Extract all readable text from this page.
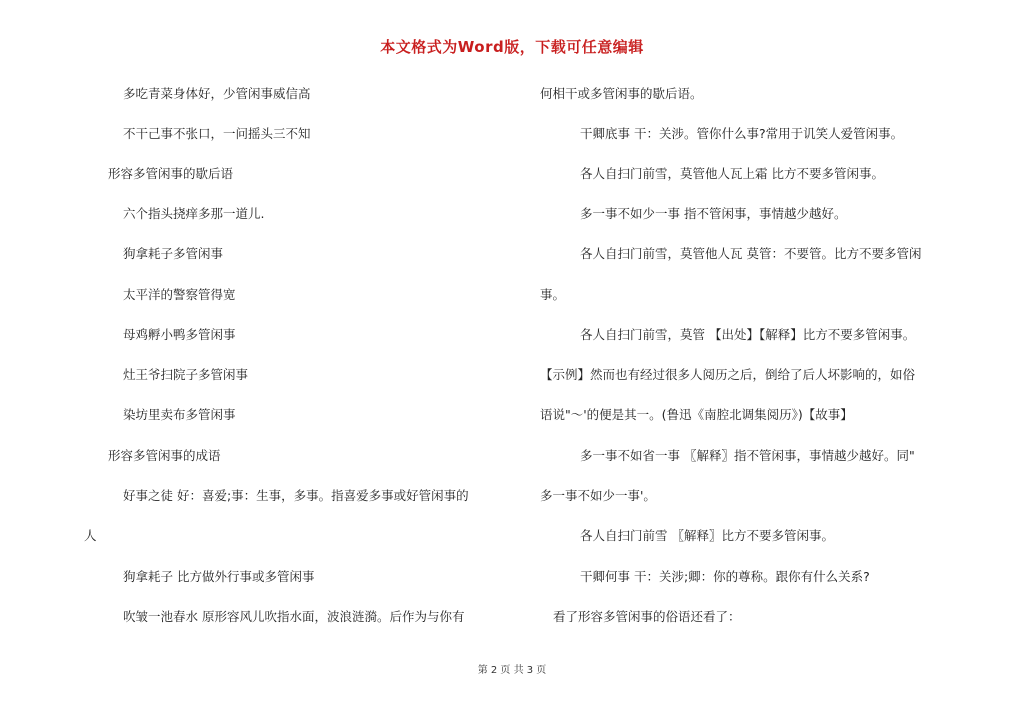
本文格式为Word版，下载可任意编辑
多吃青菜身体好，少管闲事威信高
不干己事不张口，一问摇头三不知
形容多管闲事的歇后语
六个指头挠痒多那一道儿.
狗拿耗子多管闲事
太平洋的警察管得宽
母鸡孵小鸭多管闲事
灶王爷扫院子多管闲事
染坊里卖布多管闲事
形容多管闲事的成语
好事之徒 好：喜爱;事：生事，多事。指喜爱多事或好管闲事的
人
狗拿耗子 比方做外行事或多管闲事
吹皱一池春水 原形容风儿吹指水面，波浪涟漪。后作为与你有
何相干或多管闲事的歇后语。
干卿底事 干：关涉。管你什么事?常用于讥笑人爱管闲事。
各人自扫门前雪，莫管他人瓦上霜 比方不要多管闲事。
多一事不如少一事 指不管闲事，事情越少越好。
各人自扫门前雪，莫管他人瓦 莫管：不要管。比方不要多管闲
事。
各人自扫门前雪，莫管 【出处】【解释】比方不要多管闲事。
【示例】然而也有经过很多人阅历之后，倒给了后人坏影响的，如俗
语说"～'的便是其一。(鲁迅《南腔北调集阅历》)【故事】
多一事不如省一事 〖解释〗指不管闲事，事情越少越好。同"
多一事不如少一事'。
各人自扫门前雪 〖解释〗比方不要多管闲事。
干卿何事 干：关涉;卿：你的尊称。跟你有什么关系?
看了形容多管闲事的俗语还看了：
第 2 页 共 3 页
